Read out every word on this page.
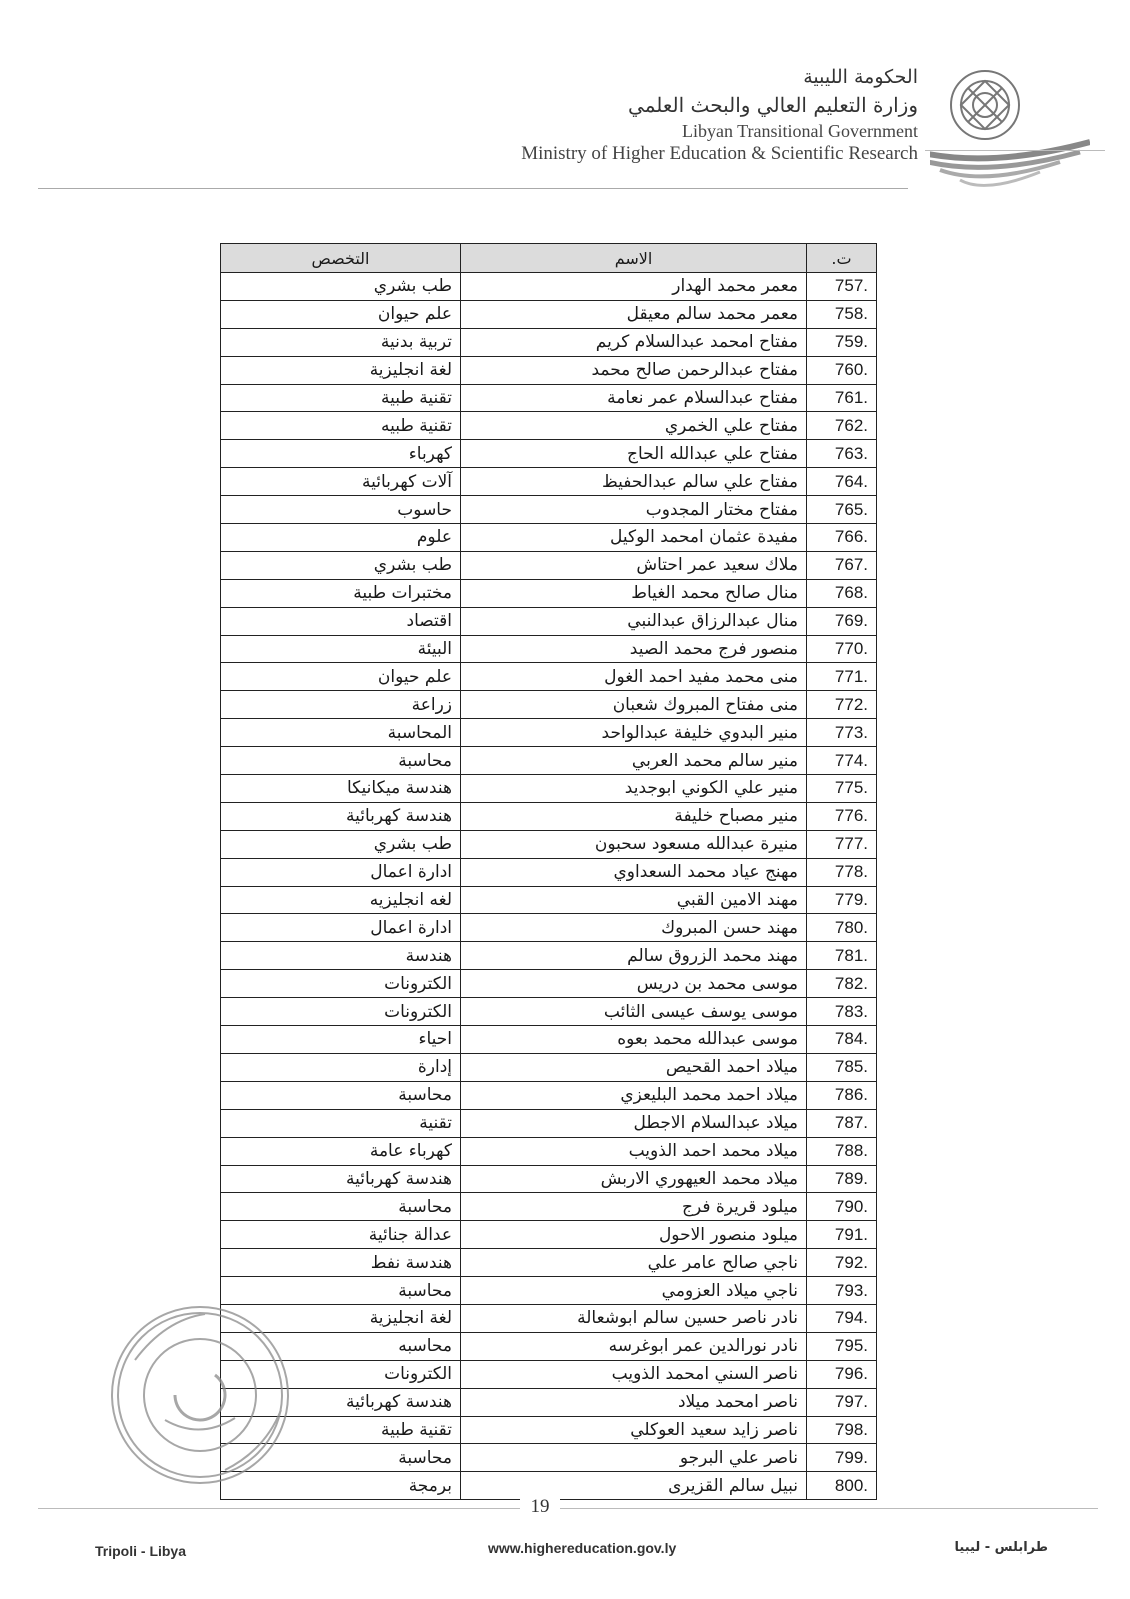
الحكومة الليبية
وزارة التعليم العالي والبحث العلمي
Libyan Transitional Government
Ministry of Higher Education & Scientific Research
ت.	الاسم	التخصص
757.	معمر محمد الهدار	طب بشري
758.	معمر محمد سالم معيقل	علم حيوان
759.	مفتاح امحمد عبدالسلام كريم	تربية بدنية
760.	مفتاح عبدالرحمن صالح محمد	لغة انجليزية
761.	مفتاح عبدالسلام عمر نعامة	تقنية طبية
762.	مفتاح علي الخمري	تقنية طبيه
763.	مفتاح علي عبدالله الحاج	كهرباء
764.	مفتاح علي سالم عبدالحفيظ	آلات كهربائية
765.	مفتاح مختار المجدوب	حاسوب
766.	مفيدة عثمان امحمد الوكيل	علوم
767.	ملاك سعيد عمر احتاش	طب بشري
768.	منال صالح محمد الغياط	مختبرات طبية
769.	منال عبدالرزاق عبدالنبي	اقتصاد
770.	منصور فرج محمد الصيد	البيئة
771.	منى محمد مفيد احمد الغول	علم حيوان
772.	منى مفتاح المبروك شعبان	زراعة
773.	منير البدوي خليفة عبدالواحد	المحاسبة
774.	منير سالم محمد العربي	محاسبة
775.	منير علي الكوني ابوجديد	هندسة ميكانيكا
776.	منير مصباح خليفة	هندسة كهربائية
777.	منيرة عبدالله مسعود سحبون	طب بشري
778.	مهنج عياد محمد السعداوي	ادارة اعمال
779.	مهند الامين القبي	لغه انجليزيه
780.	مهند حسن المبروك	ادارة اعمال
781.	مهند محمد الزروق سالم	هندسة
782.	موسى محمد بن دريس	الكترونات
783.	موسى يوسف عيسى الثائب	الكترونات
784.	موسى عبدالله محمد بعوه	احياء
785.	ميلاد احمد القحيص	إدارة
786.	ميلاد احمد محمد البليعزي	محاسبة
787.	ميلاد عبدالسلام الاجطل	تقنية
788.	ميلاد محمد احمد الذويب	كهرباء عامة
789.	ميلاد محمد العيهوري الاربش	هندسة كهربائية
790.	ميلود قريرة فرج	محاسبة
791.	ميلود منصور الاحول	عدالة جنائية
792.	ناجي صالح عامر علي	هندسة نفط
793.	ناجي ميلاد العزومي	محاسبة
794.	نادر ناصر حسين سالم ابوشعالة	لغة انجليزية
795.	نادر نورالدين عمر ابوغرسه	محاسبه
796.	ناصر السني امحمد الذويب	الكترونات
797.	ناصر امحمد ميلاد	هندسة كهربائية
798.	ناصر زايد سعيد العوكلي	تقنية طبية
799.	ناصر علي البرجو	محاسبة
800.	نبيل سالم القزيرى	برمجة
19
Tripoli - Libya	www.highereducation.gov.ly	طرابلس - ليبيا
